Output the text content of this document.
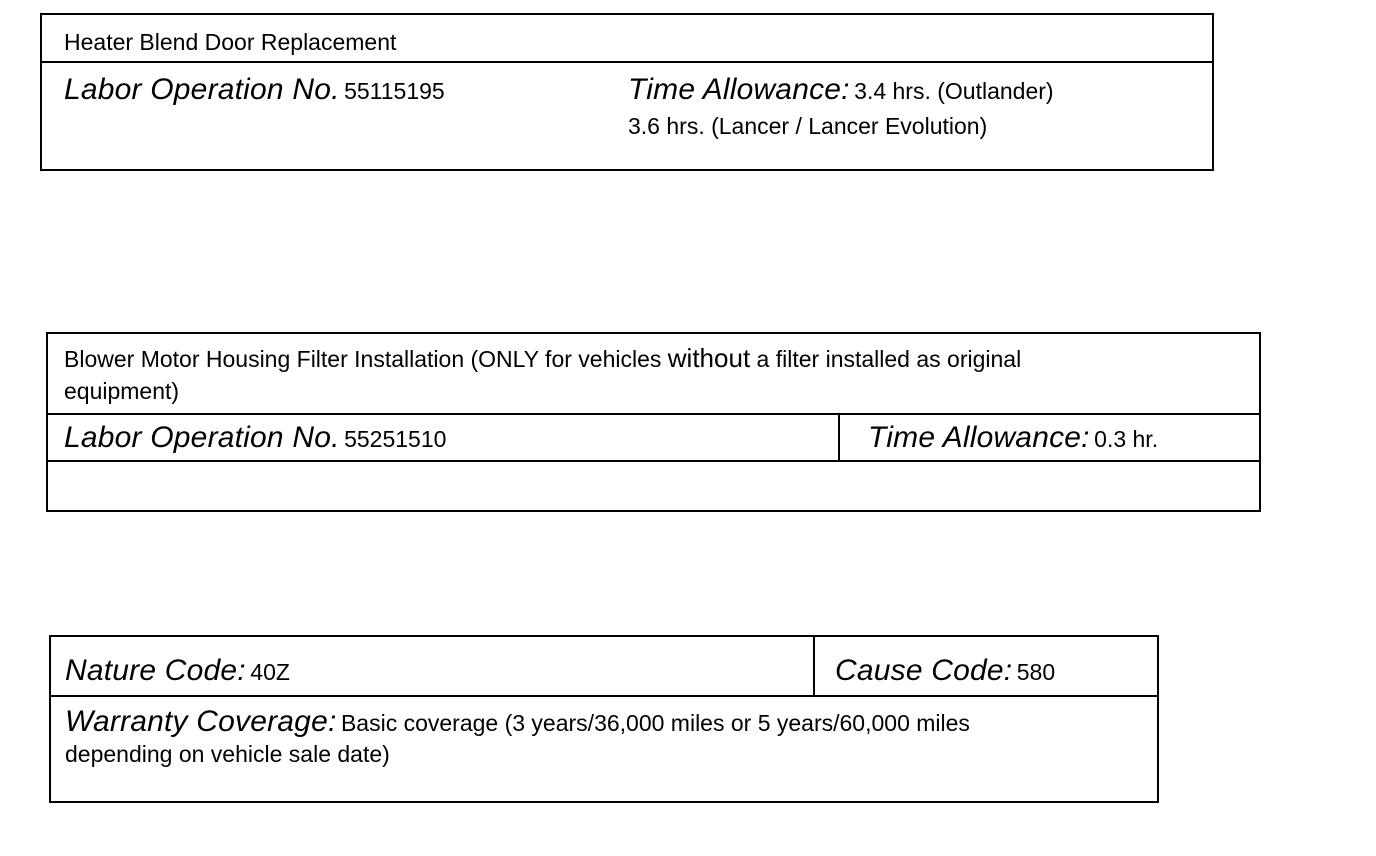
Heater Blend Door Replacement
Labor Operation No. 55115195	Time Allowance: 3.4 hrs. (Outlander)
3.6 hrs. (Lancer / Lancer Evolution)
Blower Motor Housing Filter Installation (ONLY for vehicles without a filter installed as original
equipment)
Labor Operation No. 55251510	Time Allowance: 0.3 hr.
Nature Code: 40Z	Cause Code: 580
Warranty Coverage: Basic coverage (3 years/36,000 miles or 5 years/60,000 miles
depending on vehicle sale date)
